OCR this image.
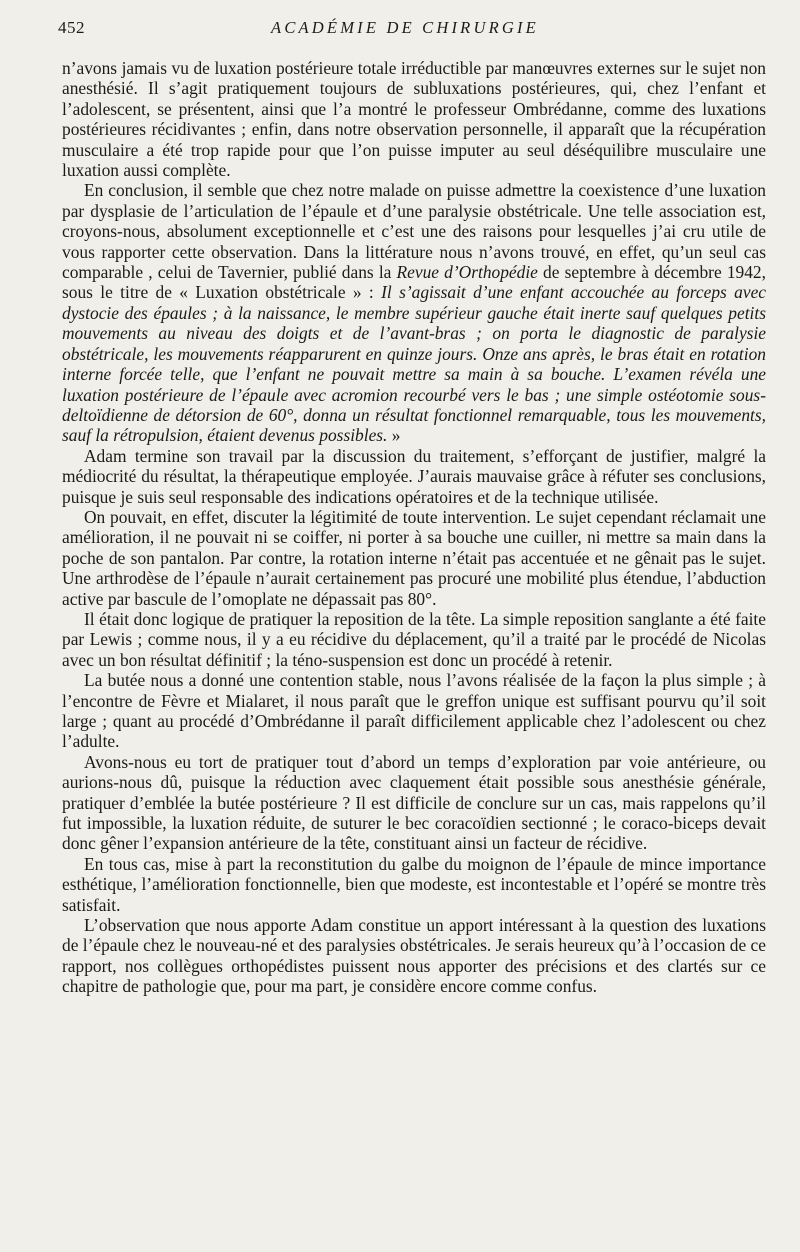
452	ACADÉMIE DE CHIRURGIE

n’avons jamais vu de luxation postérieure totale irréductible par manœuvres externes sur le sujet non anesthésié. Il s’agit pratiquement toujours de subluxations postérieures, qui, chez l’enfant et l’adolescent, se présentent, ainsi que l’a montré le professeur Ombrédanne, comme des luxations postérieures récidivantes ; enfin, dans notre observation personnelle, il apparaît que la récupération musculaire a été trop rapide pour que l’on puisse imputer au seul déséquilibre musculaire une luxation aussi complète.

En conclusion, il semble que chez notre malade on puisse admettre la coexistence d’une luxation par dysplasie de l’articulation de l’épaule et d’une paralysie obstétricale. Une telle association est, croyons-nous, absolument exceptionnelle et c’est une des raisons pour lesquelles j’ai cru utile de vous rapporter cette observation. Dans la littérature nous n’avons trouvé, en effet, qu’un seul cas comparable , celui de Tavernier, publié dans la Revue d’Orthopédie de septembre à décembre 1942, sous le titre de « Luxation obstétricale » : Il s’agissait d’une enfant accouchée au forceps avec dystocie des épaules ; à la naissance, le membre supérieur gauche était inerte sauf quelques petits mouvements au niveau des doigts et de l’avant-bras ; on porta le diagnostic de paralysie obstétricale, les mouvements réapparurent en quinze jours. Onze ans après, le bras était en rotation interne forcée telle, que l’enfant ne pouvait mettre sa main à sa bouche. L’examen révéla une luxation postérieure de l’épaule avec acromion recourbé vers le bas ; une simple ostéotomie sous-deltoïdienne de détorsion de 60°, donna un résultat fonctionnel remarquable, tous les mouvements, sauf la rétropulsion, étaient devenus possibles. »

Adam termine son travail par la discussion du traitement, s’efforçant de justifier, malgré la médiocrité du résultat, la thérapeutique employée. J’aurais mauvaise grâce à réfuter ses conclusions, puisque je suis seul responsable des indications opératoires et de la technique utilisée.

On pouvait, en effet, discuter la légitimité de toute intervention. Le sujet cependant réclamait une amélioration, il ne pouvait ni se coiffer, ni porter à sa bouche une cuiller, ni mettre sa main dans la poche de son pantalon. Par contre, la rotation interne n’était pas accentuée et ne gênait pas le sujet. Une arthrodèse de l’épaule n’aurait certainement pas procuré une mobilité plus étendue, l’abduction active par bascule de l’omoplate ne dépassait pas 80°.

Il était donc logique de pratiquer la reposition de la tête. La simple reposition sanglante a été faite par Lewis ; comme nous, il y a eu récidive du déplacement, qu’il a traité par le procédé de Nicolas avec un bon résultat définitif ; la téno-suspension est donc un procédé à retenir.

La butée nous a donné une contention stable, nous l’avons réalisée de la façon la plus simple ; à l’encontre de Fèvre et Mialaret, il nous paraît que le greffon unique est suffisant pourvu qu’il soit large ; quant au procédé d’Ombrédanne il paraît difficilement applicable chez l’adolescent ou chez l’adulte.

Avons-nous eu tort de pratiquer tout d’abord un temps d’exploration par voie antérieure, ou aurions-nous dû, puisque la réduction avec claquement était possible sous anesthésie générale, pratiquer d’emblée la butée postérieure ? Il est difficile de conclure sur un cas, mais rappelons qu’il fut impossible, la luxation réduite, de suturer le bec coracoïdien sectionné ; le coraco-biceps devait donc gêner l’expansion antérieure de la tête, constituant ainsi un facteur de récidive.

En tous cas, mise à part la reconstitution du galbe du moignon de l’épaule de mince importance esthétique, l’amélioration fonctionnelle, bien que modeste, est incontestable et l’opéré se montre très satisfait.

L’observation que nous apporte Adam constitue un apport intéressant à la question des luxations de l’épaule chez le nouveau-né et des paralysies obstétricales. Je serais heureux qu’à l’occasion de ce rapport, nos collègues orthopédistes puissent nous apporter des précisions et des clartés sur ce chapitre de pathologie que, pour ma part, je considère encore comme confus.
